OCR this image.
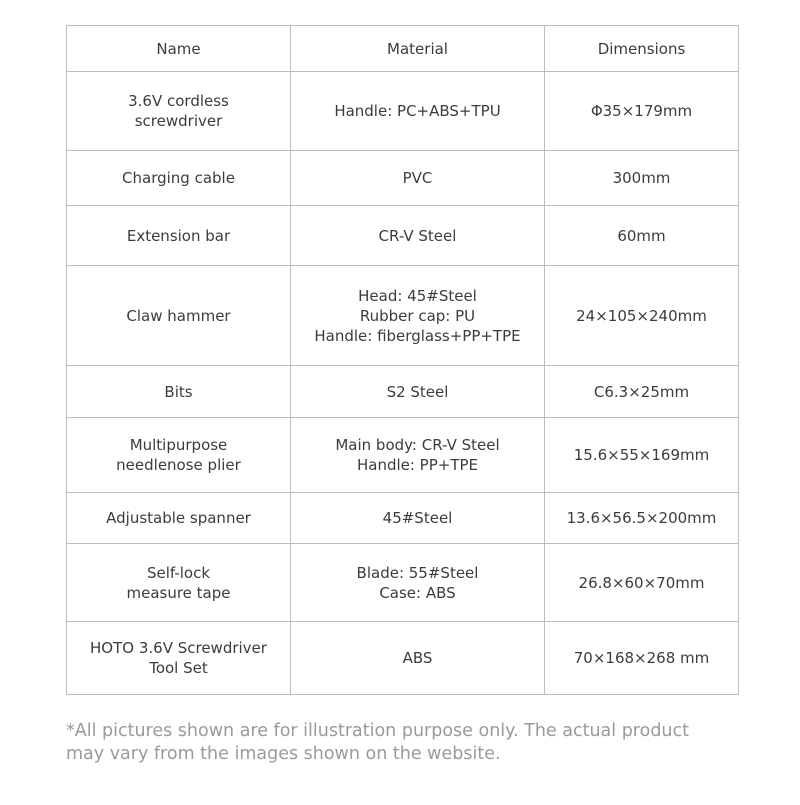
Name	Material	Dimensions

3.6V cordless
screwdriver	Handle: PC+ABS+TPU	Φ35×179mm

Charging cable	PVC	300mm

Extension bar	CR-V Steel	60mm

Claw hammer	Head: 45#Steel
Rubber cap: PU
Handle: fiberglass+PP+TPE	24×105×240mm

Bits	S2 Steel	C6.3×25mm

Multipurpose
needlenose plier	Main body: CR-V Steel
Handle: PP+TPE	15.6×55×169mm

Adjustable spanner	45#Steel	13.6×56.5×200mm

Self-lock
measure tape	Blade: 55#Steel
Case: ABS	26.8×60×70mm

HOTO 3.6V Screwdriver
Tool Set	ABS	70×168×268 mm
*All pictures shown are for illustration purpose only. The actual product
may vary from the images shown on the website.
